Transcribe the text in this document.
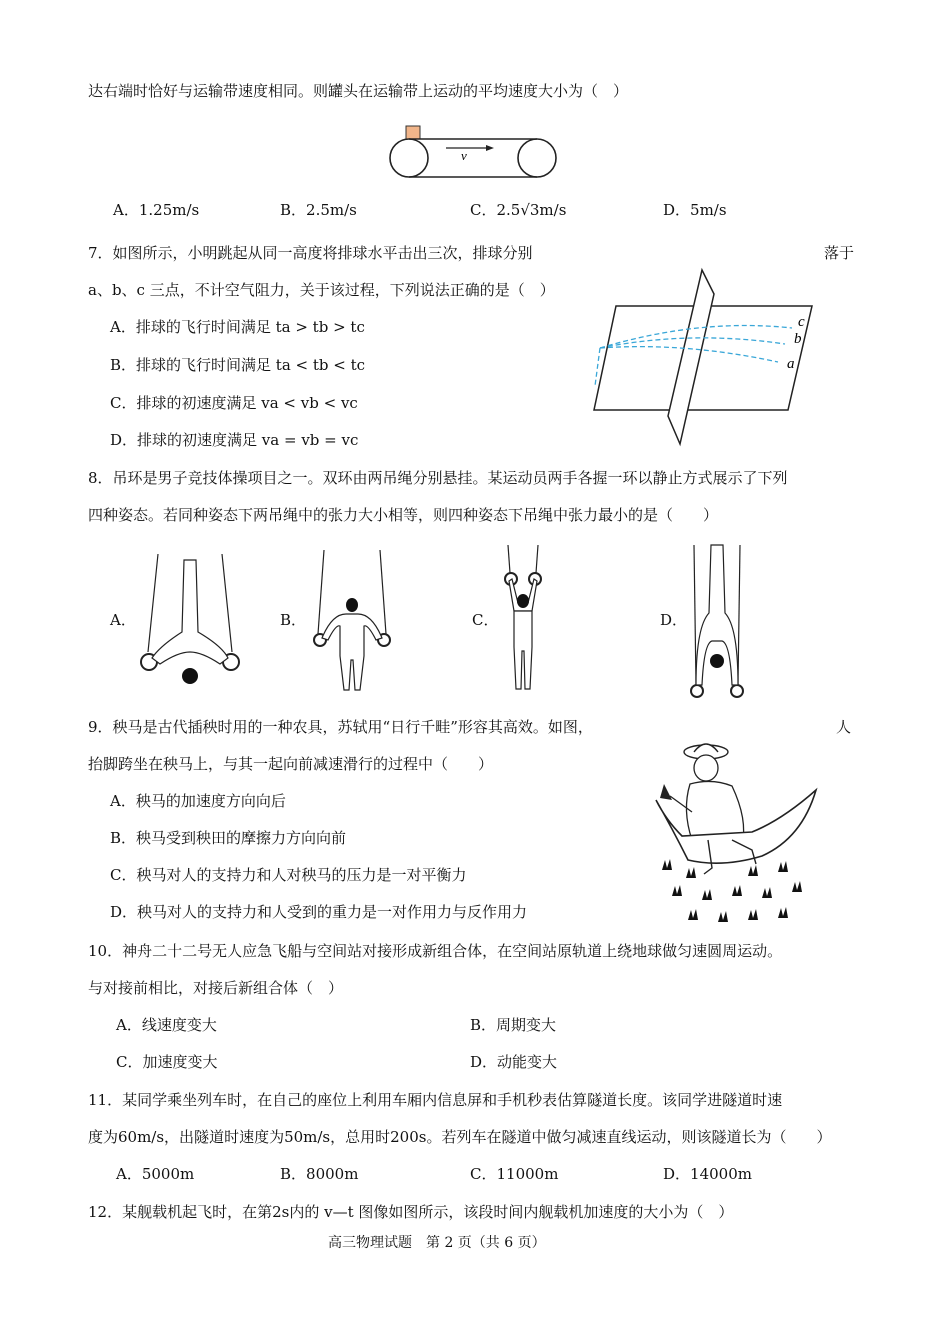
达右端时恰好与运输带速度相同。则罐头在运输带上运动的平均速度大小为（　）
v
A．1.25m/s	B．2.5m/s	C．2.5√3m/s	D．5m/s
7．如图所示，小明跳起从同一高度将排球水平击出三次，排球分别	落于
a、b、c 三点，不计空气阻力，关于该过程，下列说法正确的是（　）
A．排球的飞行时间满足 ta > tb > tc
B．排球的飞行时间满足 ta < tb < tc
C．排球的初速度满足 va < vb < vc
D．排球的初速度满足 va = vb = vc
c
b
a
8．吊环是男子竞技体操项目之一。双环由两吊绳分别悬挂。某运动员两手各握一环以静止方式展示了下列
四种姿态。若同种姿态下两吊绳中的张力大小相等，则四种姿态下吊绳中张力最小的是（　　）
A．	B．	C．	D．
9．秧马是古代插秧时用的一种农具，苏轼用“日行千畦”形容其高效。如图，	人
抬脚跨坐在秧马上，与其一起向前减速滑行的过程中（　　）
A．秧马的加速度方向向后
B．秧马受到秧田的摩擦力方向向前
C．秧马对人的支持力和人对秧马的压力是一对平衡力
D．秧马对人的支持力和人受到的重力是一对作用力与反作用力
10．神舟二十二号无人应急飞船与空间站对接形成新组合体，在空间站原轨道上绕地球做匀速圆周运动。
与对接前相比，对接后新组合体（　）
A．线速度变大	B．周期变大
C．加速度变大	D．动能变大
11．某同学乘坐列车时，在自己的座位上利用车厢内信息屏和手机秒表估算隧道长度。该同学进隧道时速
度为60m/s，出隧道时速度为50m/s，总用时200s。若列车在隧道中做匀减速直线运动，则该隧道长为（　　）
A．5000m	B．8000m	C．11000m	D．14000m
12．某舰载机起飞时，在第2s内的 v—t 图像如图所示，该段时间内舰载机加速度的大小为（　）
高三物理试题　第 2 页（共 6 页）
